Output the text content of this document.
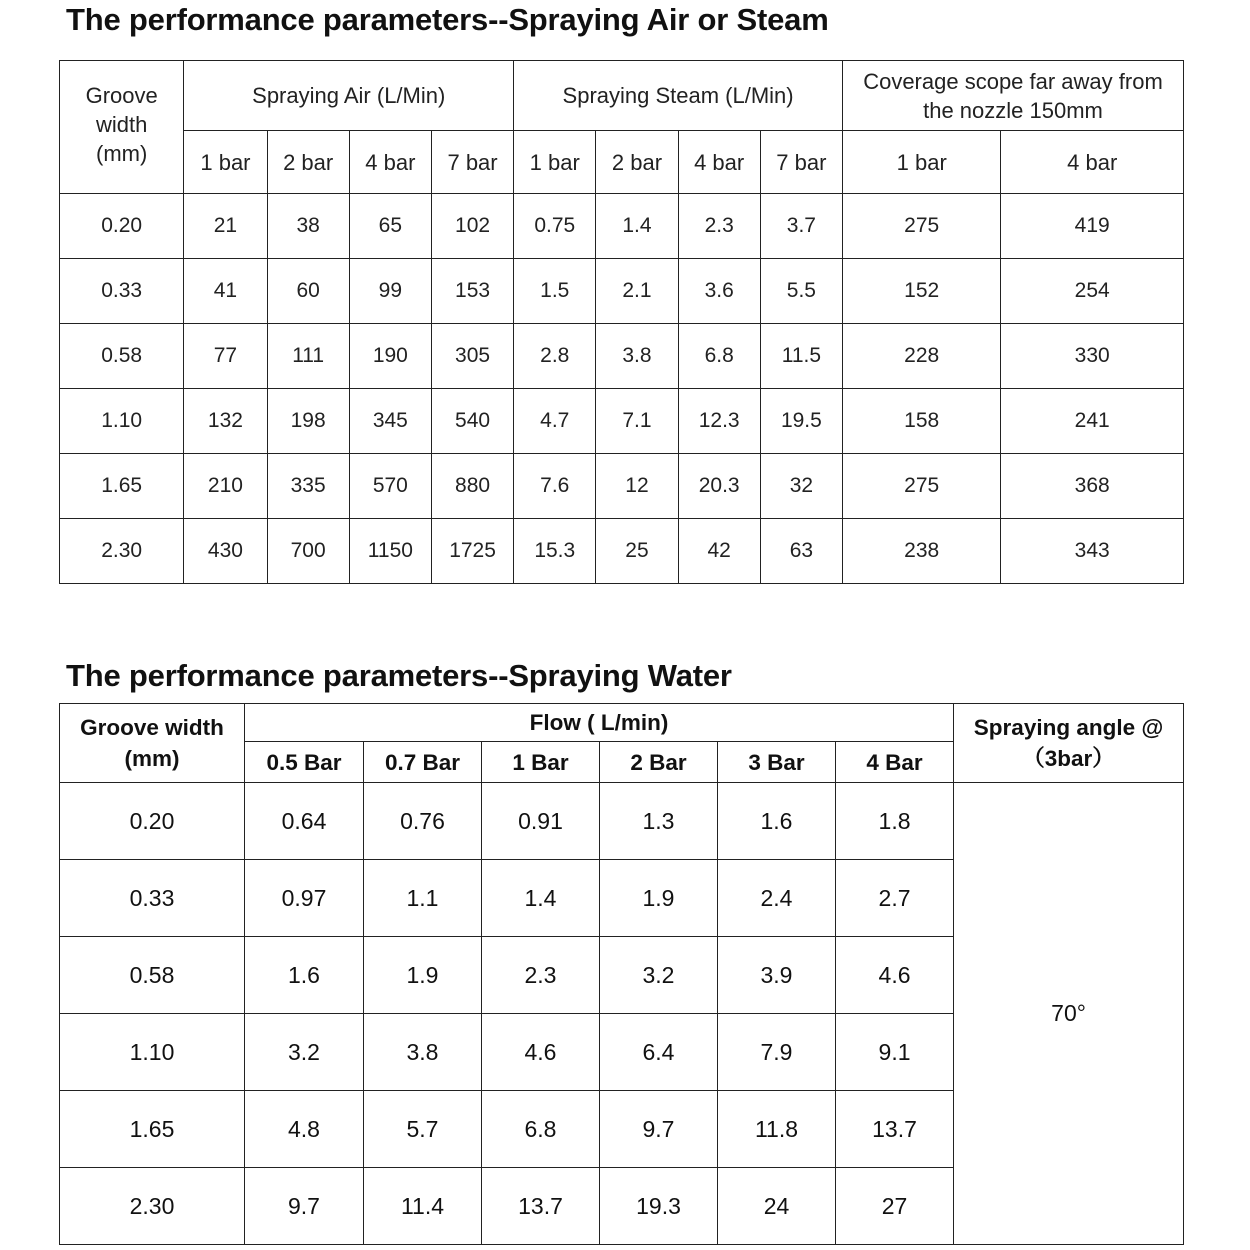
The performance parameters--Spraying Air or Steam
Groove width (mm)	Spraying Air (L/Min)				Spraying Steam (L/Min)				Coverage scope far away from the nozzle 150mm	

	1 bar	2 bar	4 bar	7 bar	1 bar	2 bar	4 bar	7 bar	1 bar	4 bar
0.20	21	38	65	102	0.75	1.4	2.3	3.7	275	419
0.33	41	60	99	153	1.5	2.1	3.6	5.5	152	254
0.58	77	111	190	305	2.8	3.8	6.8	11.5	228	330
1.10	132	198	345	540	4.7	7.1	12.3	19.5	158	241
1.65	210	335	570	880	7.6	12	20.3	32	275	368
2.30	430	700	1150	1725	15.3	25	42	63	238	343
The performance parameters--Spraying Water
Groove width (mm)	Flow ( L/min)						Spraying angle @（3bar）

	0.5 Bar	0.7 Bar	1 Bar	2 Bar	3 Bar	4 Bar	
0.20	0.64	0.76	0.91	1.3	1.6	1.8	70°
0.33	0.97	1.1	1.4	1.9	2.4	2.7	
0.58	1.6	1.9	2.3	3.2	3.9	4.6	
1.10	3.2	3.8	4.6	6.4	7.9	9.1	
1.65	4.8	5.7	6.8	9.7	11.8	13.7	
2.30	9.7	11.4	13.7	19.3	24	27	
